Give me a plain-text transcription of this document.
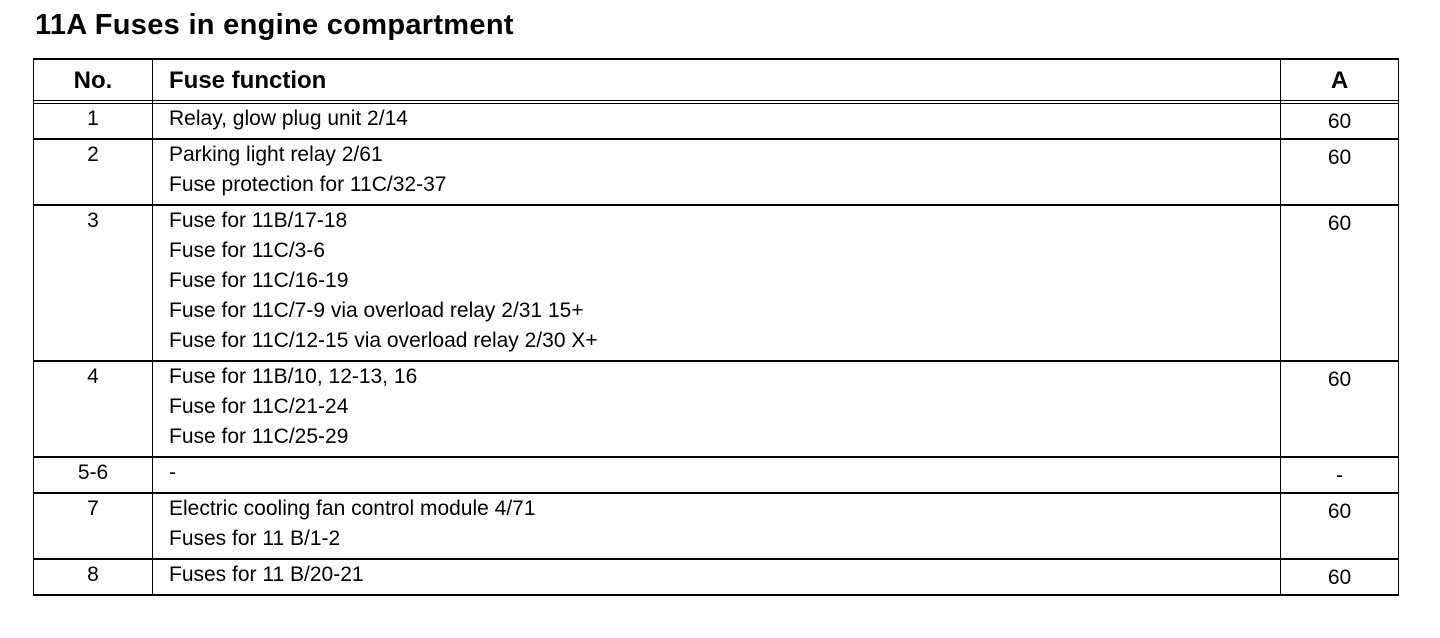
11A Fuses in engine compartment
No.	Fuse function	A

1	Relay, glow plug unit 2/14	60
2	Parking light relay 2/61
Fuse protection for 11C/32-37	60
3	Fuse for 11B/17-18
Fuse for 11C/3-6
Fuse for 11C/16-19
Fuse for 11C/7-9 via overload relay 2/31 15+
Fuse for 11C/12-15 via overload relay 2/30 X+	60
4	Fuse for 11B/10, 12-13, 16
Fuse for 11C/21-24
Fuse for 11C/25-29	60
5-6	-	-
7	Electric cooling fan control module 4/71
Fuses for 11 B/1-2	60
8	Fuses for 11 B/20-21	60
